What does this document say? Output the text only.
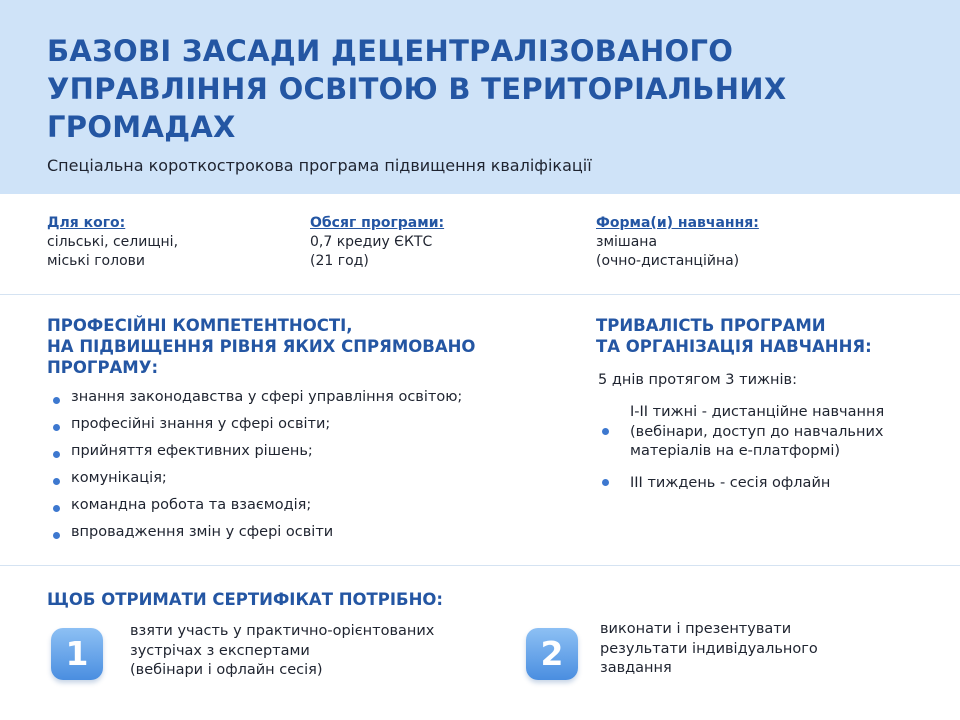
БАЗОВІ ЗАСАДИ ДЕЦЕНТРАЛІЗОВАНОГО
УПРАВЛІННЯ ОСВІТОЮ В ТЕРИТОРІАЛЬНИХ
ГРОМАДАХ
Спеціальна короткострокова програма підвищення кваліфікації
Для кого:
сільські, селищні,
міські голови
Обсяг програми:
0,7 кредиу ЄКТС
(21 год)
Форма(и) навчання:
змішана
(очно-дистанційна)
ПРОФЕСІЙНІ КОМПЕТЕНТНОСТІ,
НА ПІДВИЩЕННЯ РІВНЯ ЯКИХ СПРЯМОВАНО
ПРОГРАМУ:
знання законодавства у сфері управління освітою;
професійні знання у сфері освіти;
прийняття ефективних рішень;
комунікація;
командна робота та взаємодія;
впровадження змін у сфері освіти
ТРИВАЛІСТЬ ПРОГРАМИ
ТА ОРГАНІЗАЦІЯ НАВЧАННЯ:
5 днів протягом 3 тижнів:
I-II тижні - дистанційне навчання
(вебінари, доступ до навчальних
матеріалів на е-платформі)
III тиждень - сесія офлайн
ЩОБ ОТРИМАТИ СЕРТИФІКАТ ПОТРІБНО:
1
взяти участь у практично-орієнтованих
зустрічах з експертами
(вебінари і офлайн сесія)	2
виконати і презентувати
результати індивідуального
завдання
